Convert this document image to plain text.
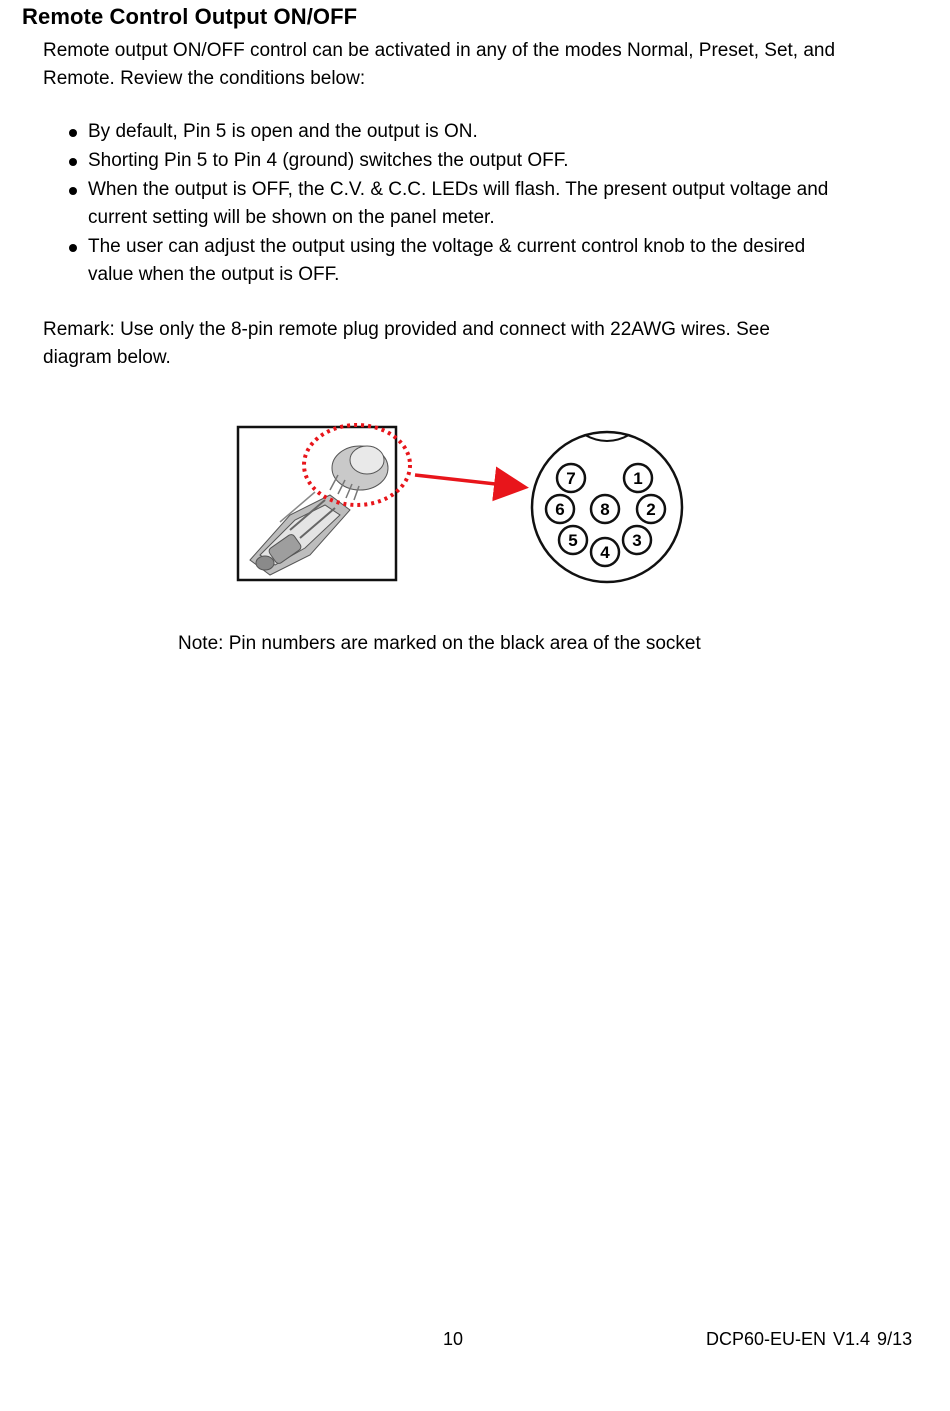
Remote Control Output ON/OFF
Remote output ON/OFF control can be activated in any of the modes Normal, Preset, Set, and
Remote. Review the conditions below:
By default, Pin 5 is open and the output is ON.
Shorting Pin 5 to Pin 4 (ground) switches the output OFF.
When the output is OFF, the C.V. & C.C. LEDs will flash. The present output voltage and
current setting will be shown on the panel meter.
The user can adjust the output using the voltage & current control knob to the desired
value when the output is OFF.
Remark: Use only the 8-pin remote plug provided and connect with 22AWG wires. See
diagram below.
7	1
6 8 2
5
4
3
Note: Pin numbers are marked on the black area of the socket
10	DCP60-EU-EN V1.4 9/13
